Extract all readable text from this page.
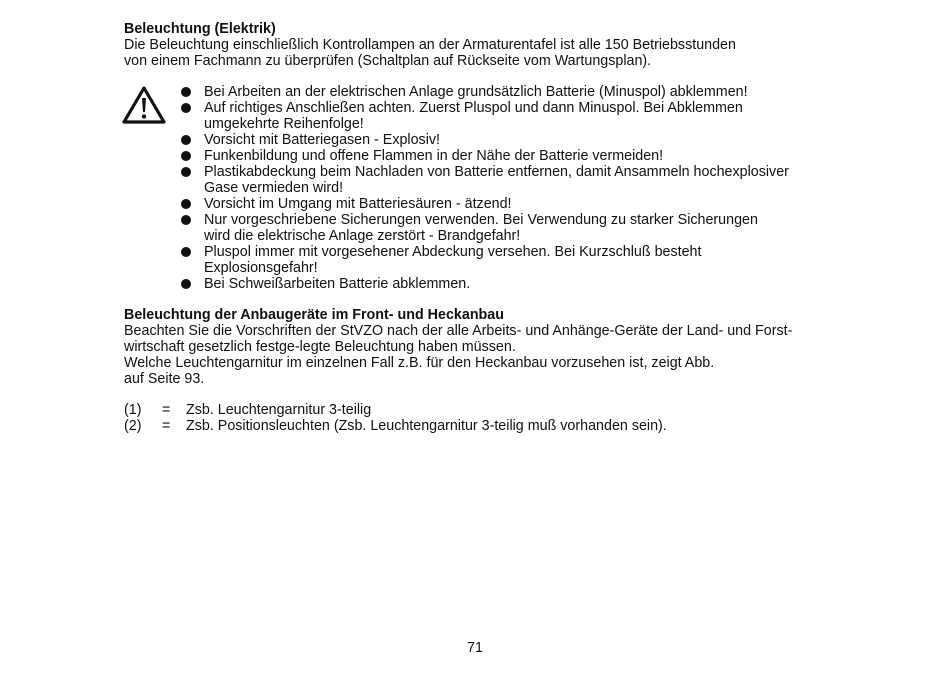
Beleuchtung (Elektrik)
Die Beleuchtung einschließlich Kontrollampen an der Armaturentafel ist alle 150 Betriebsstunden
von einem Fachmann zu überprüfen (Schaltplan auf Rückseite vom Wartungsplan).
Bei Arbeiten an der elektrischen Anlage grundsätzlich Batterie (Minuspol) abklemmen!
Auf richtiges Anschließen achten. Zuerst Pluspol und dann Minuspol. Bei Abklemmen
umgekehrte Reihenfolge!
Vorsicht mit Batteriegasen - Explosiv!
Funkenbildung und offene Flammen in der Nähe der Batterie vermeiden!
Plastikabdeckung beim Nachladen von Batterie entfernen, damit Ansammeln hochexplosiver
Gase vermieden wird!
Vorsicht im Umgang mit Batteriesäuren - ätzend!
Nur vorgeschriebene Sicherungen verwenden. Bei Verwendung zu starker Sicherungen
wird die elektrische Anlage zerstört - Brandgefahr!
Pluspol immer mit vorgesehener Abdeckung versehen. Bei Kurzschluß besteht
Explosionsgefahr!
Bei Schweißarbeiten Batterie abklemmen.
Beleuchtung der Anbaugeräte im Front- und Heckanbau
Beachten Sie die Vorschriften der StVZO nach der alle Arbeits- und Anhänge-Geräte der Land- und Forst-
wirtschaft gesetzlich festge-legte Beleuchtung haben müssen.
Welche Leuchtengarnitur im einzelnen Fall z.B. für den Heckanbau vorzusehen ist, zeigt Abb.
auf Seite 93.
(1)	=	Zsb. Leuchtengarnitur 3-teilig
(2)	=	Zsb. Positionsleuchten (Zsb. Leuchtengarnitur 3-teilig muß vorhanden sein).
71
